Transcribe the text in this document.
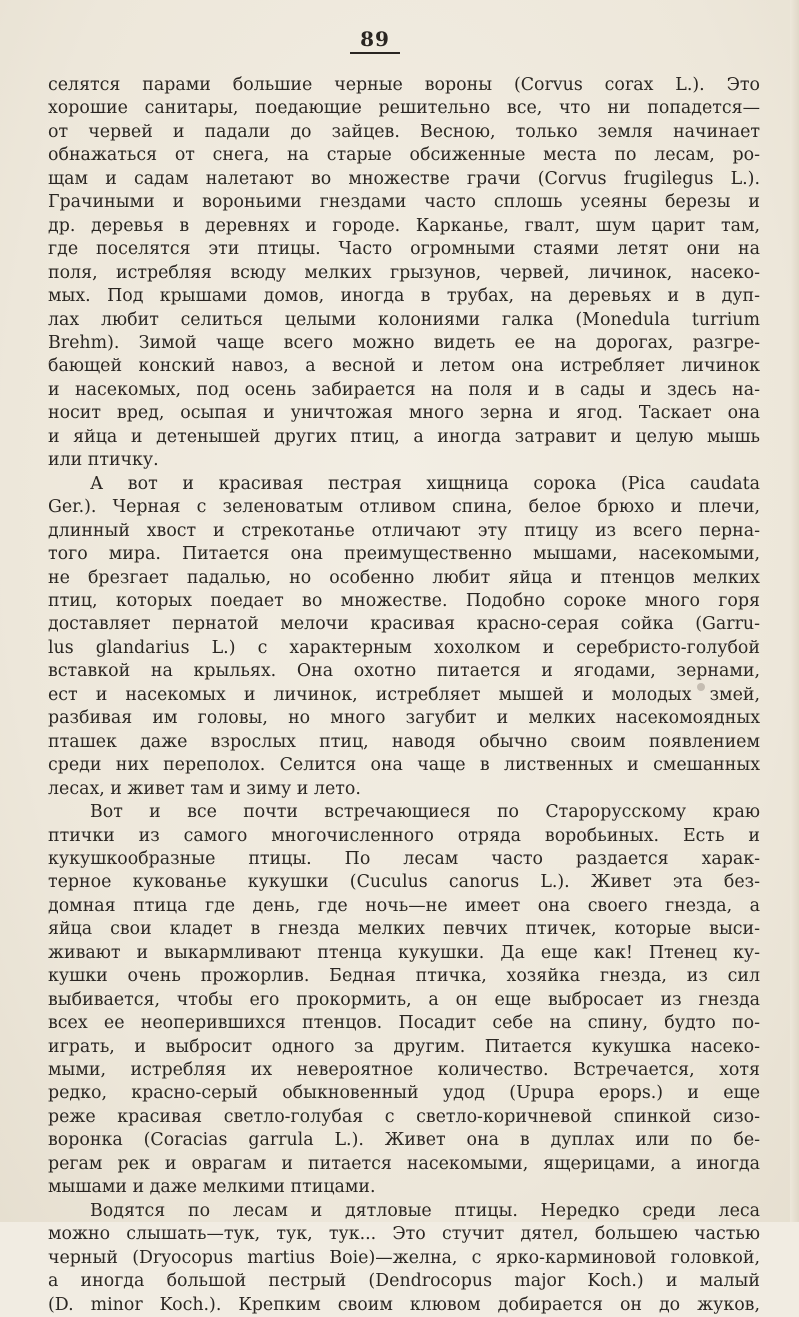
89
селятся парами большие черные вороны (Corvus corax L.). Это
хорошие санитары, поедающие решительно все, что ни попадется—
от червей и падали до зайцев. Весною, только земля начинает
обнажаться от снега, на старые обсиженные места по лесам, ро-
щам и садам налетают во множестве грачи (Corvus frugilegus L.).
Грачиными и вороньими гнездами часто сплошь усеяны березы и
др. деревья в деревнях и городе. Карканье, гвалт, шум царит там,
где поселятся эти птицы. Часто огромными стаями летят они на
поля, истребляя всюду мелких грызунов, червей, личинок, насеко-
мых. Под крышами домов, иногда в трубах, на деревьях и в дуп-
лах любит селиться целыми колониями галка (Monedula turrium
Brehm). Зимой чаще всего можно видеть ее на дорогах, разгре-
бающей конский навоз, а весной и летом она истребляет личинок
и насекомых, под осень забирается на поля и в сады и здесь на-
носит вред, осыпая и уничтожая много зерна и ягод. Таскает она
и яйца и детенышей других птиц, а иногда затравит и целую мышь
или птичку.
А вот и красивая пестрая хищница сорока (Pica caudata
Ger.). Черная с зеленоватым отливом спина, белое брюхо и плечи,
длинный хвост и стрекотанье отличают эту птицу из всего перна-
того мира. Питается она преимущественно мышами, насекомыми,
не брезгает падалью, но особенно любит яйца и птенцов мелких
птиц, которых поедает во множестве. Подобно сороке много горя
доставляет пернатой мелочи красивая красно-серая сойка (Garru-
lus glandarius L.) с характерным хохолком и серебристо-голубой
вставкой на крыльях. Она охотно питается и ягодами, зернами,
ест и насекомых и личинок, истребляет мышей и молодых змей,
разбивая им головы, но много загубит и мелких насекомоядных
пташек даже взрослых птиц, наводя обычно своим появлением
среди них переполох. Селится она чаще в лиственных и смешанных
лесах, и живет там и зиму и лето.
Вот и все почти встречающиеся по Старорусскому краю
птички из самого многочисленного отряда воробьиных. Есть и
кукушкообразные птицы. По лесам часто раздается харак-
терное кукованье кукушки (Cuculus canorus L.). Живет эта без-
домная птица где день, где ночь—не имеет она своего гнезда, а
яйца свои кладет в гнезда мелких певчих птичек, которые выси-
живают и выкармливают птенца кукушки. Да еще как! Птенец ку-
кушки очень прожорлив. Бедная птичка, хозяйка гнезда, из сил
выбивается, чтобы его прокормить, а он еще выбросает из гнезда
всех ее неоперившихся птенцов. Посадит себе на спину, будто по-
играть, и выбросит одного за другим. Питается кукушка насеко-
мыми, истребляя их невероятное количество. Встречается, хотя
редко, красно-серый обыкновенный удод (Upupa epops.) и еще
реже красивая светло-голубая с светло-коричневой спинкой сизо-
воронка (Coracias garrula L.). Живет она в дуплах или по бе-
регам рек и оврагам и питается насекомыми, ящерицами, а иногда
мышами и даже мелкими птицами.
Водятся по лесам и дятловые птицы. Нередко среди леса
можно слышать—тук, тук, тук... Это стучит дятел, большею частью
черный (Dryocopus martius Boie)—желна, с ярко-карминовой головкой,
а иногда большой пестрый (Dendrocopus major Koch.) и малый
(D. minor Koch.). Крепким своим клювом добирается он до жуков,
